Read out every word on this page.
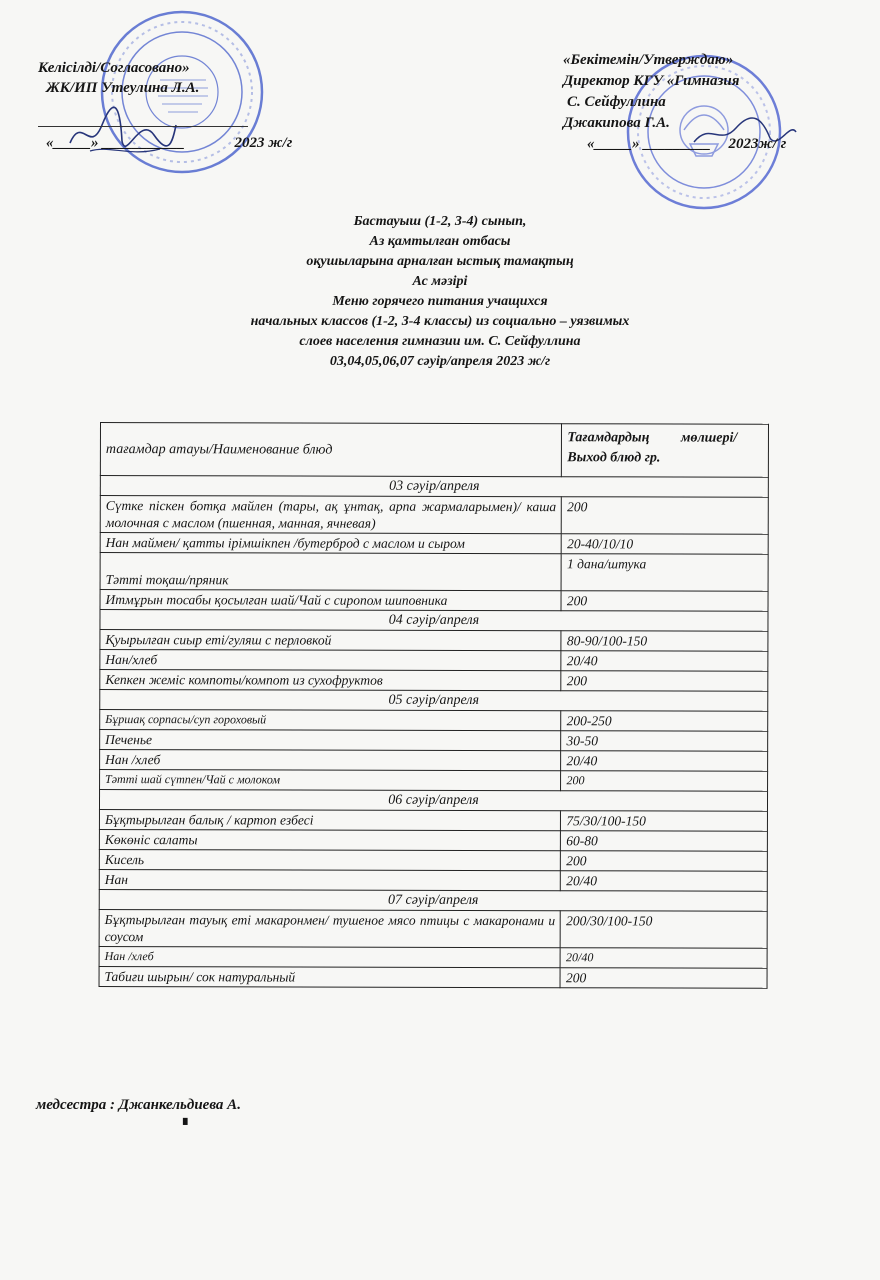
Келісілді/Согласовано»
ЖК/ИП Утеулина Л.А.
«_____» ___________	2023 ж/г
«Бекітемін/Утверждаю»
Директор КГУ «Гимназия
С. Сейфуллина
Джакипова Г.А.
«_____» _________ 2023ж/ г
Бастауыш (1-2, 3-4) сынып,
Аз қамтылған отбасы
оқушыларына арналған ыстық тамақтың
Ас мәзірі
Меню горячего питания учащихся
начальных классов (1-2, 3-4 классы) из социально – уязвимых
слоев населения гимназии им. С. Сейфуллина
03,04,05,06,07 сәуір/апреля 2023 ж/г
тағамдар атауы/Наименование блюд	Тағамдардың         мөлшері/
Выход блюд гр.

03 сәуір/апреля	
Сүтке піскен ботқа майлен (тары, ақ ұнтақ, арпа жармаларымен)/ каша молочная с маслом (пшенная, манная, ячневая)	200
Нан маймен/ қатты ірімшікпен /бутерброд с маслом и сыром	20-40/10/10
Тәтті тоқаш/пряник	1 дана/штука
Итмұрын тосабы қосылған шай/Чай с сиропом шиповника	200
04 сәуір/апреля	
Қуырылған сиыр еті/гуляш с перловкой	80-90/100-150
Нан/хлеб	20/40
Кепкен жеміс компоты/компот из сухофруктов	200
05 сәуір/апреля	
Бұршақ сорпасы/суп гороховый	200-250
Печенье	30-50
Нан /хлеб	20/40
Тәтті шай сүтпен/Чай с молоком	200
06 сәуір/апреля	
Бұқтырылған балық / картоп езбесі	75/30/100-150
Көкөніс салаты	60-80
Кисель	200
Нан	20/40
07 сәуір/апреля	
Бұқтырылған тауық еті макаронмен/ тушеное мясо птицы с макаронами и соусом	200/30/100-150
Нан /хлеб	20/40
Табиғи шырын/ сок натуральный	200
медсестра : Джанкельдиева А.
▘
